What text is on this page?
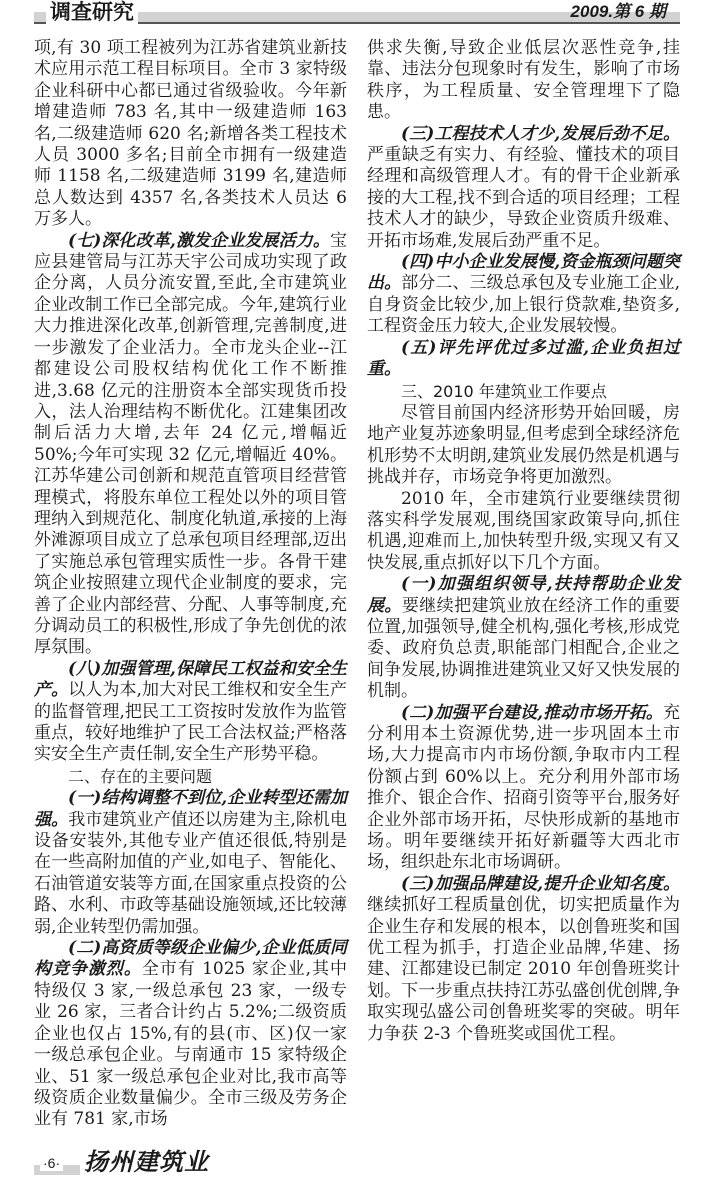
调查研究	2009.第 6 期

项,有 30 项工程被列为江苏省建筑业新技术应用示范工程目标项目。全市 3 家特级企业科研中心都已通过省级验收。今年新增建造师 783 名,其中一级建造师 163 名,二级建造师 620 名;新增各类工程技术人员 3000 多名;目前全市拥有一级建造师 1158 名,二级建造师 3199 名,建造师总人数达到 4357 名,各类技术人员达 6 万多人。

(七)深化改革,激发企业发展活力。宝应县建管局与江苏天宇公司成功实现了政企分离，人员分流安置,至此,全市建筑业企业改制工作已全部完成。今年,建筑行业大力推进深化改革,创新管理,完善制度,进一步激发了企业活力。全市龙头企业--江都建设公司股权结构优化工作不断推进,3.68 亿元的注册资本全部实现货币投入，法人治理结构不断优化。江建集团改制后活力大增,去年 24 亿元,增幅近 50%;今年可实现 32 亿元,增幅近 40%。江苏华建公司创新和规范直管项目经营管理模式，将股东单位工程处以外的项目管理纳入到规范化、制度化轨道,承接的上海外滩源项目成立了总承包项目经理部,迈出了实施总承包管理实质性一步。各骨干建筑企业按照建立现代企业制度的要求，完善了企业内部经营、分配、人事等制度,充分调动员工的积极性,形成了争先创优的浓厚氛围。

(八)加强管理,保障民工权益和安全生产。以人为本,加大对民工维权和安全生产的监督管理,把民工工资按时发放作为监管重点，较好地维护了民工合法权益;严格落实安全生产责任制,安全生产形势平稳。

二、存在的主要问题

(一)结构调整不到位,企业转型还需加强。我市建筑业产值还以房建为主,除机电设备安装外,其他专业产值还很低,特别是在一些高附加值的产业,如电子、智能化、石油管道安装等方面,在国家重点投资的公路、水利、市政等基础设施领域,还比较薄弱,企业转型仍需加强。

(二)高资质等级企业偏少,企业低质同构竞争激烈。全市有 1025 家企业,其中特级仅 3 家,一级总承包 23 家，一级专业 26 家，三者合计约占 5.2%;二级资质企业也仅占 15%,有的县(市、区)仅一家一级总承包企业。与南通市 15 家特级企业、51 家一级总承包企业对比,我市高等级资质企业数量偏少。全市三级及劳务企业有 781 家,市场

供求失衡,导致企业低层次恶性竞争,挂靠、违法分包现象时有发生，影响了市场秩序，为工程质量、安全管理埋下了隐患。

(三)工程技术人才少,发展后劲不足。严重缺乏有实力、有经验、懂技术的项目经理和高级管理人才。有的骨干企业新承接的大工程,找不到合适的项目经理；工程技术人才的缺少，导致企业资质升级难、开拓市场难,发展后劲严重不足。

(四)中小企业发展慢,资金瓶颈问题突出。部分二、三级总承包及专业施工企业,自身资金比较少,加上银行贷款难,垫资多,工程资金压力较大,企业发展较慢。

(五)评先评优过多过滥,企业负担过重。

三、2010 年建筑业工作要点

尽管目前国内经济形势开始回暖，房地产业复苏迹象明显,但考虑到全球经济危机形势不太明朗,建筑业发展仍然是机遇与挑战并存，市场竞争将更加激烈。

2010 年，全市建筑行业要继续贯彻落实科学发展观,围绕国家政策导向,抓住机遇,迎难而上,加快转型升级,实现又有又快发展,重点抓好以下几个方面。

(一)加强组织领导,扶持帮助企业发展。要继续把建筑业放在经济工作的重要位置,加强领导,健全机构,强化考核,形成党委、政府负总责,职能部门相配合,企业之间争发展,协调推进建筑业又好又快发展的机制。

(二)加强平台建设,推动市场开拓。充分利用本土资源优势,进一步巩固本土市场,大力提高市内市场份额,争取市内工程份额占到 60%以上。充分利用外部市场推介、银企合作、招商引资等平台,服务好企业外部市场开拓，尽快形成新的基地市场。明年要继续开拓好新疆等大西北市场，组织赴东北市场调研。

(三)加强品牌建设,提升企业知名度。继续抓好工程质量创优，切实把质量作为企业生存和发展的根本，以创鲁班奖和国优工程为抓手，打造企业品牌,华建、扬建、江都建设已制定 2010 年创鲁班奖计划。下一步重点扶持江苏弘盛创优创牌,争取实现弘盛公司创鲁班奖零的突破。明年力争获 2-3 个鲁班奖或国优工程。

·6· 扬州建筑业
